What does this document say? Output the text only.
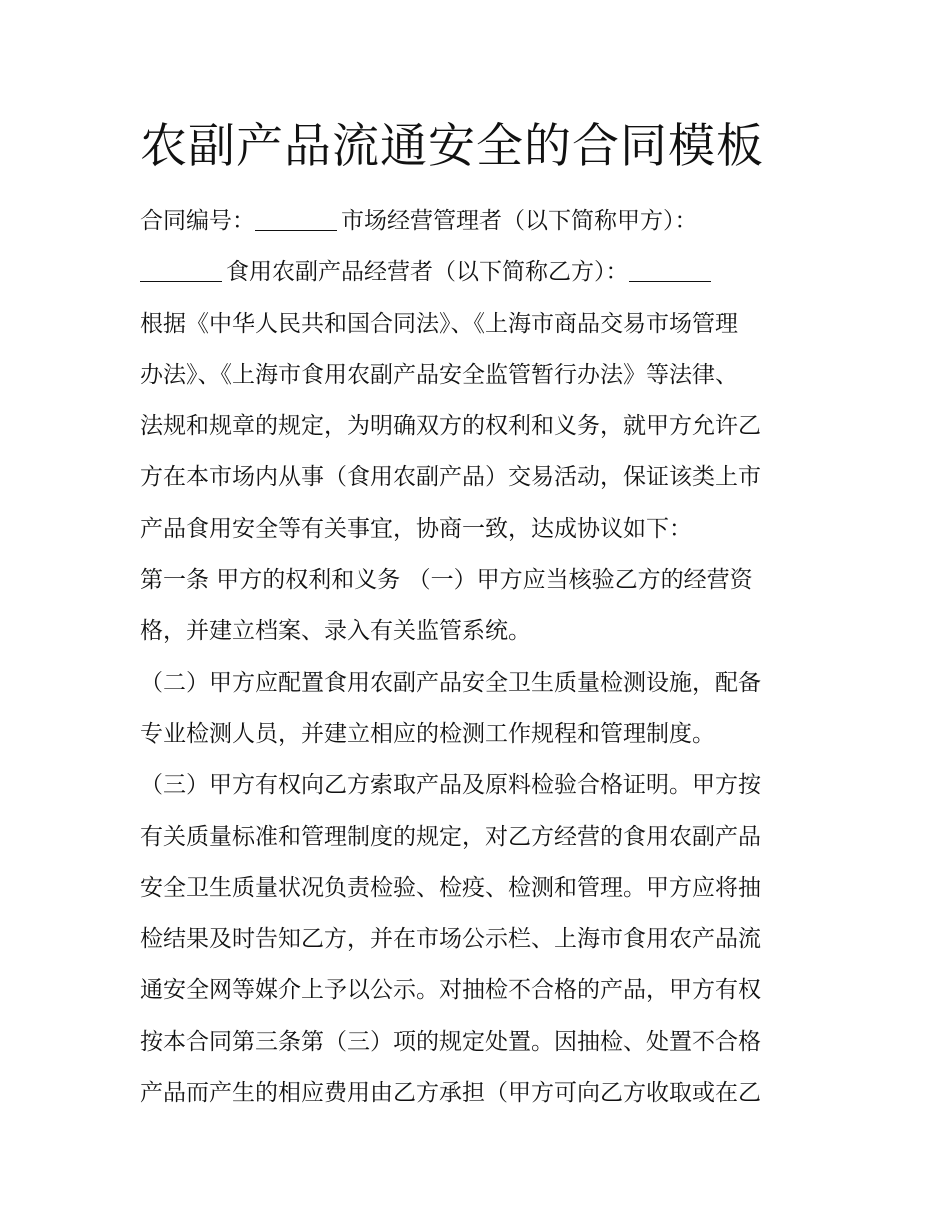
农副产品流通安全的合同模板
合同编号：	市场经营管理者（以下简称甲方）：
食用农副产品经营者（以下简称乙方）：
根据《中华人民共和国合同法》、《上海市商品交易市场管理
办法》、《上海市食用农副产品安全监管暂行办法》等法律、
法规和规章的规定，为明确双方的权利和义务，就甲方允许乙
方在本市场内从事（食用农副产品）交易活动，保证该类上市
产品食用安全等有关事宜，协商一致，达成协议如下：
第一条 甲方的权利和义务 （一）甲方应当核验乙方的经营资
格，并建立档案、录入有关监管系统。
（二）甲方应配置食用农副产品安全卫生质量检测设施，配备
专业检测人员，并建立相应的检测工作规程和管理制度。
（三）甲方有权向乙方索取产品及原料检验合格证明。甲方按
有关质量标准和管理制度的规定，对乙方经营的食用农副产品
安全卫生质量状况负责检验、检疫、检测和管理。甲方应将抽
检结果及时告知乙方，并在市场公示栏、上海市食用农产品流
通安全网等媒介上予以公示。对抽检不合格的产品，甲方有权
按本合同第三条第（三）项的规定处置。因抽检、处置不合格
产品而产生的相应费用由乙方承担（甲方可向乙方收取或在乙
